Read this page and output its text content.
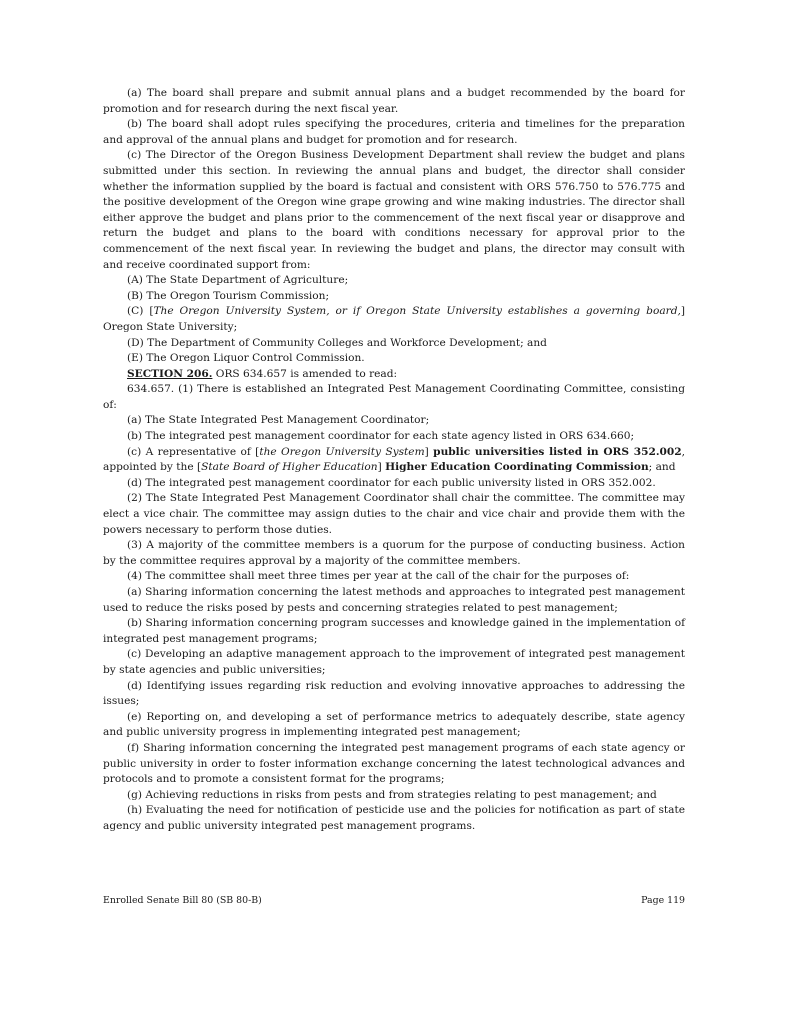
(a) The board shall prepare and submit annual plans and a budget recommended by the board for promotion and for research during the next fiscal year.

(b) The board shall adopt rules specifying the procedures, criteria and timelines for the preparation and approval of the annual plans and budget for promotion and for research.

(c) The Director of the Oregon Business Development Department shall review the budget and plans submitted under this section. In reviewing the annual plans and budget, the director shall consider whether the information supplied by the board is factual and consistent with ORS 576.750 to 576.775 and the positive development of the Oregon wine grape growing and wine making industries. The director shall either approve the budget and plans prior to the commencement of the next fiscal year or disapprove and return the budget and plans to the board with conditions necessary for approval prior to the commencement of the next fiscal year. In reviewing the budget and plans, the director may consult with and receive coordinated support from:

(A) The State Department of Agriculture;

(B) The Oregon Tourism Commission;

(C) [The Oregon University System, or if Oregon State University establishes a governing board,] Oregon State University;

(D) The Department of Community Colleges and Workforce Development; and

(E) The Oregon Liquor Control Commission.

SECTION 206. ORS 634.657 is amended to read:

634.657. (1) There is established an Integrated Pest Management Coordinating Committee, consisting of:

(a) The State Integrated Pest Management Coordinator;

(b) The integrated pest management coordinator for each state agency listed in ORS 634.660;

(c) A representative of [the Oregon University System] public universities listed in ORS 352.002, appointed by the [State Board of Higher Education] Higher Education Coordinating Commission; and

(d) The integrated pest management coordinator for each public university listed in ORS 352.002.

(2) The State Integrated Pest Management Coordinator shall chair the committee. The committee may elect a vice chair. The committee may assign duties to the chair and vice chair and provide them with the powers necessary to perform those duties.

(3) A majority of the committee members is a quorum for the purpose of conducting business. Action by the committee requires approval by a majority of the committee members.

(4) The committee shall meet three times per year at the call of the chair for the purposes of:

(a) Sharing information concerning the latest methods and approaches to integrated pest management used to reduce the risks posed by pests and concerning strategies related to pest management;

(b) Sharing information concerning program successes and knowledge gained in the implementation of integrated pest management programs;

(c) Developing an adaptive management approach to the improvement of integrated pest management by state agencies and public universities;

(d) Identifying issues regarding risk reduction and evolving innovative approaches to addressing the issues;

(e) Reporting on, and developing a set of performance metrics to adequately describe, state agency and public university progress in implementing integrated pest management;

(f) Sharing information concerning the integrated pest management programs of each state agency or public university in order to foster information exchange concerning the latest technological advances and protocols and to promote a consistent format for the programs;

(g) Achieving reductions in risks from pests and from strategies relating to pest management; and

(h) Evaluating the need for notification of pesticide use and the policies for notification as part of state agency and public university integrated pest management programs.

Enrolled Senate Bill 80 (SB 80-B)	Page 119
